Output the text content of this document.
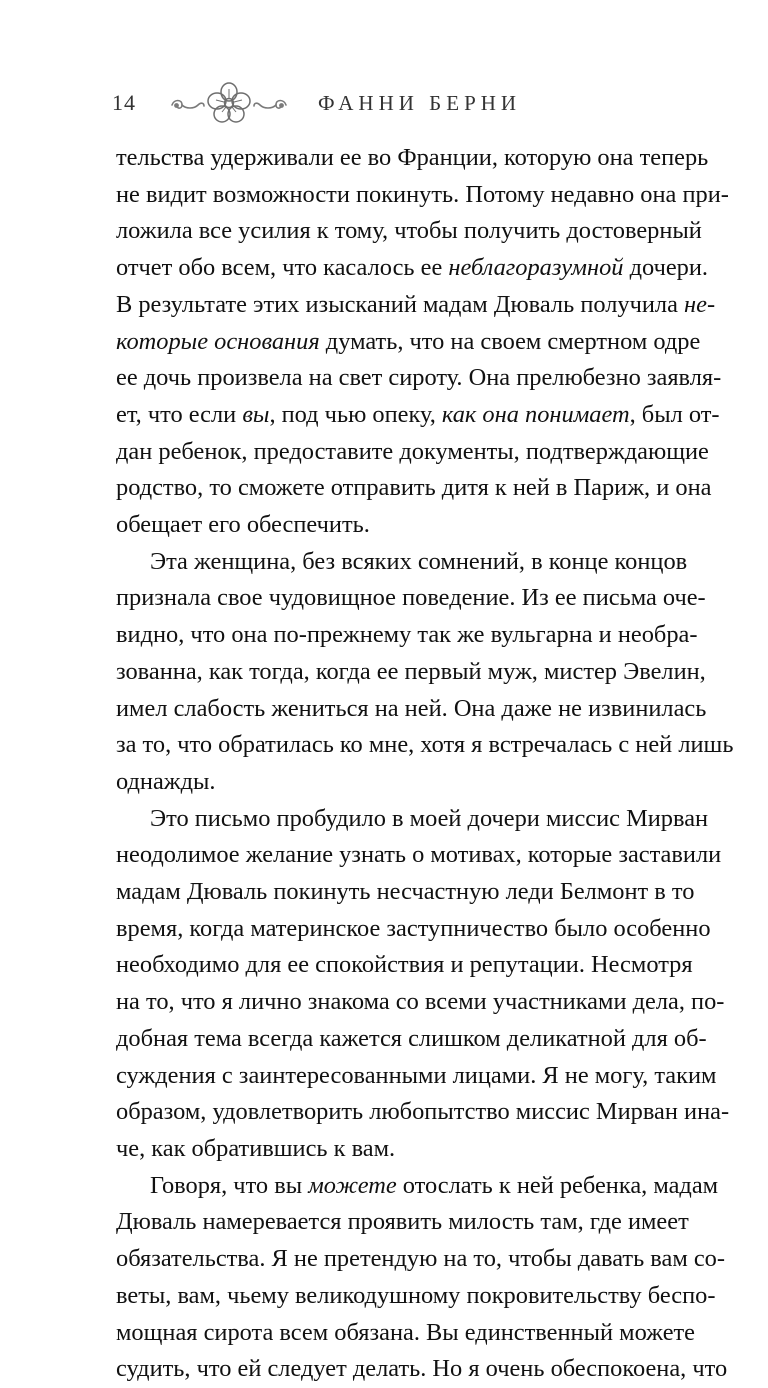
14	ФАННИ БЕРНИ
тельства удерживали ее во Франции, которую она теперь
не видит возможности покинуть. Потому недавно она при-
ложила все усилия к тому, чтобы получить достоверный
отчет обо всем, что касалось ее неблагоразумной дочери.
В результате этих изысканий мадам Дюваль получила не-
которые основания думать, что на своем смертном одре
ее дочь произвела на свет сироту. Она прелюбезно заявля-
ет, что если вы, под чью опеку, как она понимает, был от-
дан ребенок, предоставите документы, подтверждающие
родство, то сможете отправить дитя к ней в Париж, и она
обещает его обеспечить.
Эта женщина, без всяких сомнений, в конце концов
признала свое чудовищное поведение. Из ее письма оче-
видно, что она по-прежнему так же вульгарна и необра-
зованна, как тогда, когда ее первый муж, мистер Эвелин,
имел слабость жениться на ней. Она даже не извинилась
за то, что обратилась ко мне, хотя я встречалась с ней лишь
однажды.
Это письмо пробудило в моей дочери миссис Мирван
неодолимое желание узнать о мотивах, которые заставили
мадам Дюваль покинуть несчастную леди Белмонт в то
время, когда материнское заступничество было особенно
необходимо для ее спокойствия и репутации. Несмотря
на то, что я лично знакома со всеми участниками дела, по-
добная тема всегда кажется слишком деликатной для об-
суждения с заинтересованными лицами. Я не могу, таким
образом, удовлетворить любопытство миссис Мирван ина-
че, как обратившись к вам.
Говоря, что вы можете отослать к ней ребенка, мадам
Дюваль намеревается проявить милость там, где имеет
обязательства. Я не претендую на то, чтобы давать вам со-
веты, вам, чьему великодушному покровительству беспо-
мощная сирота всем обязана. Вы единственный можете
судить, что ей следует делать. Но я очень обеспокоена, что
